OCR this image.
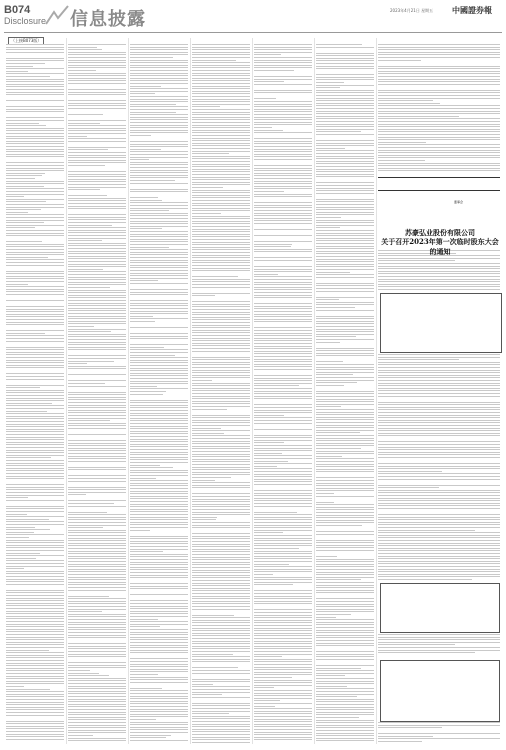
B074
Disclosure 信息披露	2023年4月21日 星期五 中國證券報
（上接B073版）
董事会
苏豪弘业股份有限公司
关于召开2023年第一次临时股东大会的通知
